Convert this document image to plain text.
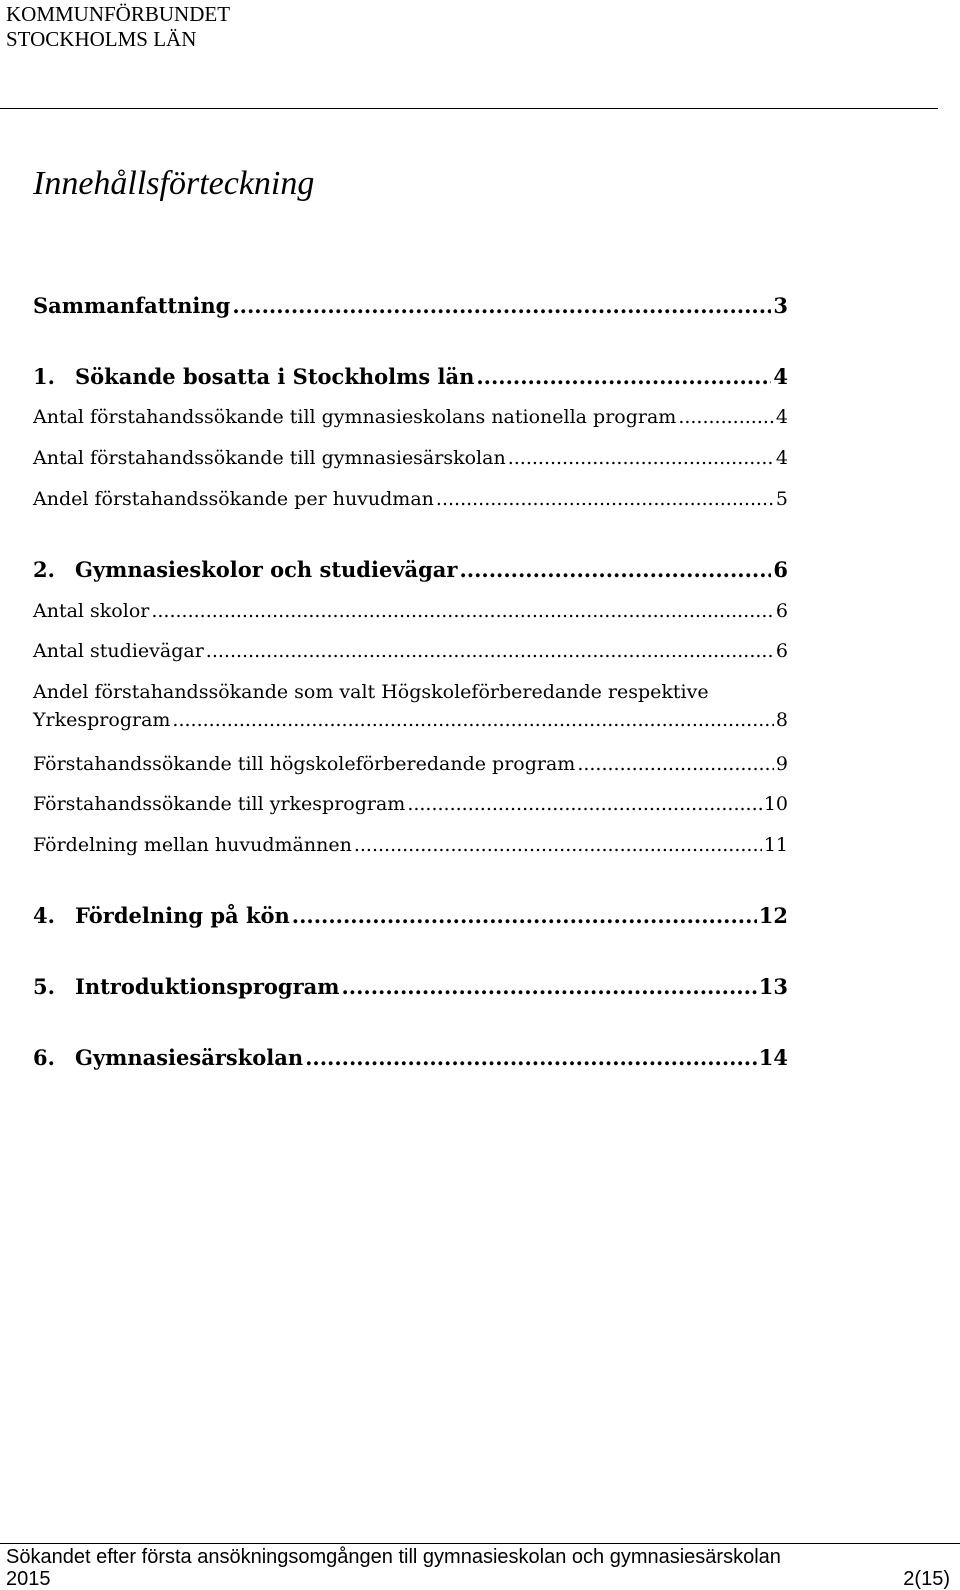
KOMMUNFÖRBUNDET
STOCKHOLMS LÄN
Innehållsförteckning
Sammanfattning .....	3
1. Sökande bosatta i Stockholms län .....	4
Antal förstahandssökande till gymnasieskolans nationella program .....	4
Antal förstahandssökande till gymnasiesärskolan .....	4
Andel förstahandssökande per huvudman .....	5
2. Gymnasieskolor och studievägar .....	6
Antal skolor .....	6
Antal studievägar .....	6
Andel förstahandssökande som valt Högskoleförberedande respektive
Yrkesprogram .....	8
Förstahandssökande till högskoleförberedande program .....	9
Förstahandssökande till yrkesprogram .....	10
Fördelning mellan huvudmännen .....	11
4. Fördelning på kön .....	12
5. Introduktionsprogram .....	13
6. Gymnasiesärskolan .....	14
Sökandet efter första ansökningsomgången till gymnasieskolan och gymnasiesärskolan
2015	2(15)
